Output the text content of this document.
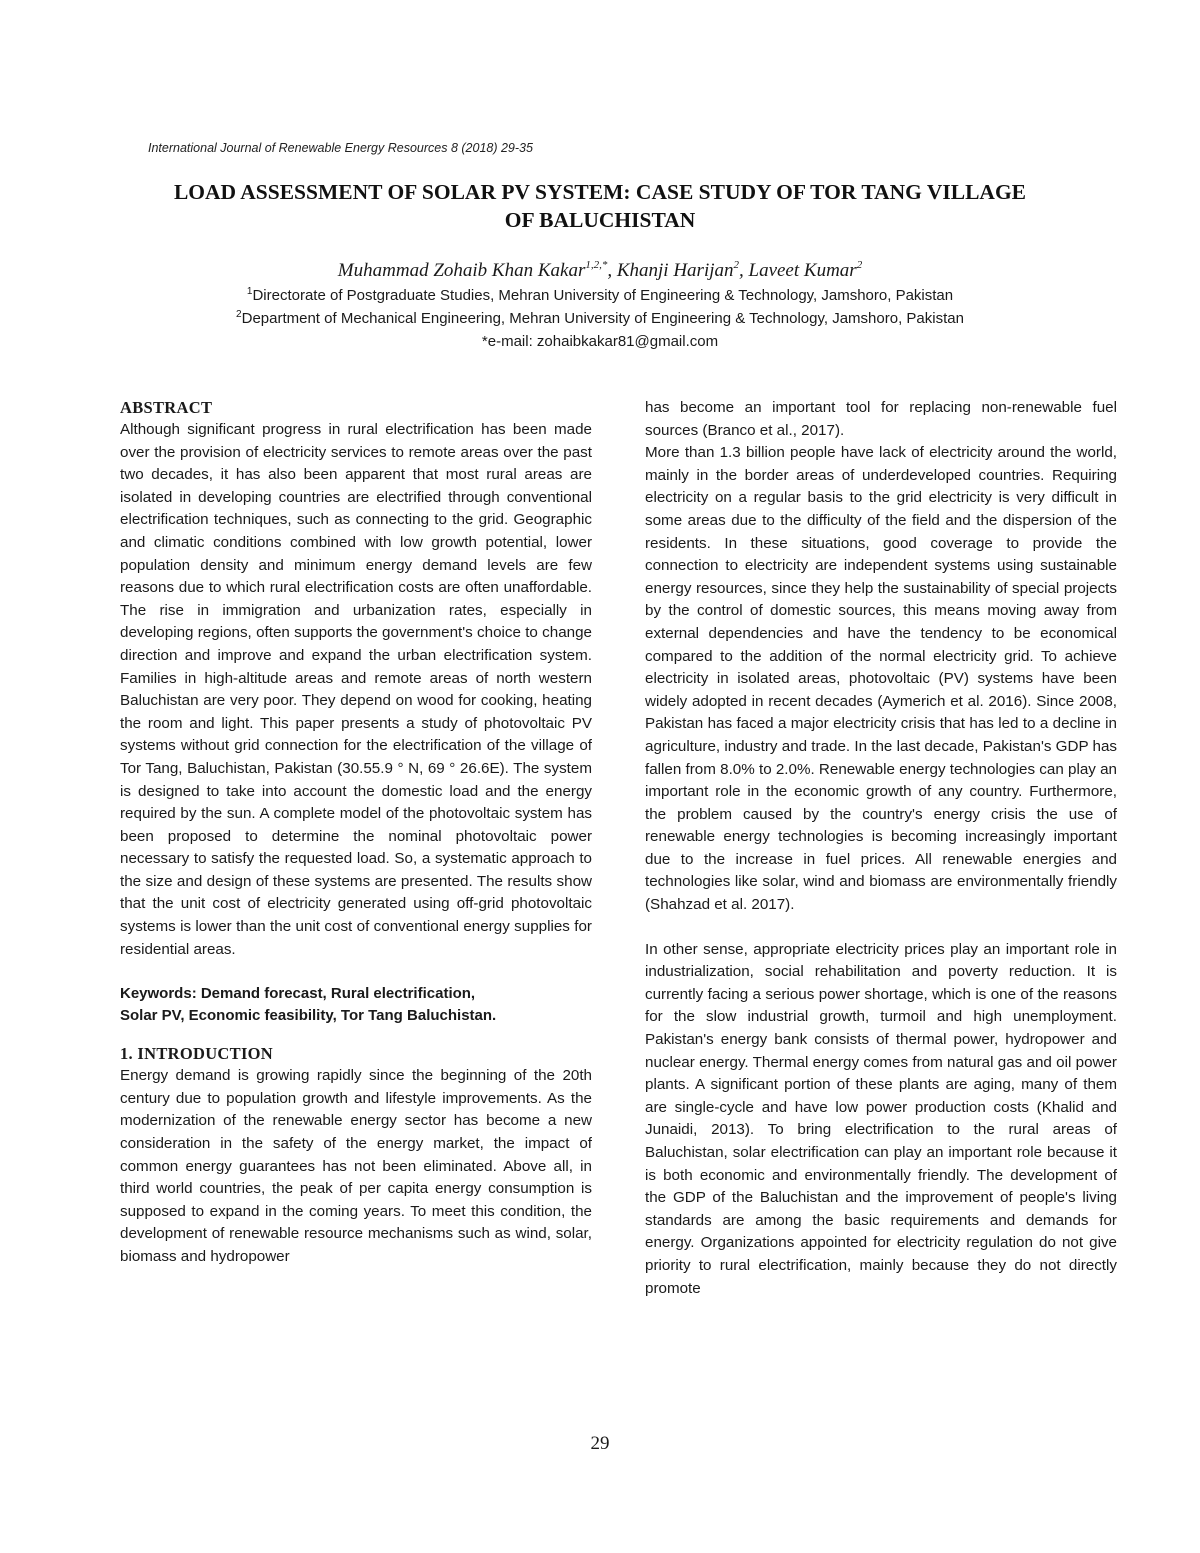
International Journal of Renewable Energy Resources 8 (2018) 29-35
LOAD ASSESSMENT OF SOLAR PV SYSTEM: CASE STUDY OF TOR TANG VILLAGE
OF BALUCHISTAN
Muhammad Zohaib Khan Kakar$^{1,2,*}$, Khanji Harijan$^2$, Laveet Kumar$^2$
$^1$Directorate of Postgraduate Studies, Mehran University of Engineering & Technology, Jamshoro, Pakistan
$^2$Department of Mechanical Engineering, Mehran University of Engineering & Technology, Jamshoro, Pakistan
*e-mail: zohaibkakar81@gmail.com
ABSTRACT

Although significant progress in rural electrification has been made over the provision of electricity services to remote areas over the past two decades, it has also been apparent that most rural areas are isolated in developing countries are electrified through conventional electrification techniques, such as connecting to the grid. Geographic and climatic conditions combined with low growth potential, lower population density and minimum energy demand levels are few reasons due to which rural electrification costs are often unaffordable. The rise in immigration and urbanization rates, especially in developing regions, often supports the government's choice to change direction and improve and expand the urban electrification system. Families in high-altitude areas and remote areas of north western Baluchistan are very poor. They depend on wood for cooking, heating the room and light. This paper presents a study of photovoltaic PV systems without grid connection for the electrification of the village of Tor Tang, Baluchistan, Pakistan (30.55.9 ° N, 69 ° 26.6E). The system is designed to take into account the domestic load and the energy required by the sun. A complete model of the photovoltaic system has been proposed to determine the nominal photovoltaic power necessary to satisfy the requested load. So, a systematic approach to the size and design of these systems are presented. The results show that the unit cost of electricity generated using off-grid photovoltaic systems is lower than the unit cost of conventional energy supplies for residential areas.

Keywords: Demand forecast, Rural electrification,

Solar PV, Economic feasibility, Tor Tang Baluchistan.

1. INTRODUCTION

Energy demand is growing rapidly since the beginning of the 20th century due to population growth and lifestyle improvements. As the modernization of the renewable energy sector has become a new consideration in the safety of the energy market, the impact of common energy guarantees has not been eliminated. Above all, in third world countries, the peak of per capita energy consumption is supposed to expand in the coming years. To meet this condition, the development of renewable resource mechanisms such as wind, solar, biomass and hydropower

has become an important tool for replacing non-renewable fuel sources (Branco et al., 2017).

More than 1.3 billion people have lack of electricity around the world, mainly in the border areas of underdeveloped countries. Requiring electricity on a regular basis to the grid electricity is very difficult in some areas due to the difficulty of the field and the dispersion of the residents. In these situations, good coverage to provide the connection to electricity are independent systems using sustainable energy resources, since they help the sustainability of special projects by the control of domestic sources, this means moving away from external dependencies and have the tendency to be economical compared to the addition of the normal electricity grid. To achieve electricity in isolated areas, photovoltaic (PV) systems have been widely adopted in recent decades (Aymerich et al. 2016). Since 2008, Pakistan has faced a major electricity crisis that has led to a decline in agriculture, industry and trade. In the last decade, Pakistan's GDP has fallen from 8.0% to 2.0%. Renewable energy technologies can play an important role in the economic growth of any country. Furthermore, the problem caused by the country's energy crisis the use of renewable energy technologies is becoming increasingly important due to the increase in fuel prices. All renewable energies and technologies like solar, wind and biomass are environmentally friendly (Shahzad et al. 2017).

In other sense, appropriate electricity prices play an important role in industrialization, social rehabilitation and poverty reduction. It is currently facing a serious power shortage, which is one of the reasons for the slow industrial growth, turmoil and high unemployment. Pakistan's energy bank consists of thermal power, hydropower and nuclear energy. Thermal energy comes from natural gas and oil power plants. A significant portion of these plants are aging, many of them are single-cycle and have low power production costs (Khalid and Junaidi, 2013). To bring electrification to the rural areas of Baluchistan, solar electrification can play an important role because it is both economic and environmentally friendly. The development of the GDP of the Baluchistan and the improvement of people's living standards are among the basic requirements and demands for energy. Organizations appointed for electricity regulation do not give priority to rural electrification, mainly because they do not directly promote

29
